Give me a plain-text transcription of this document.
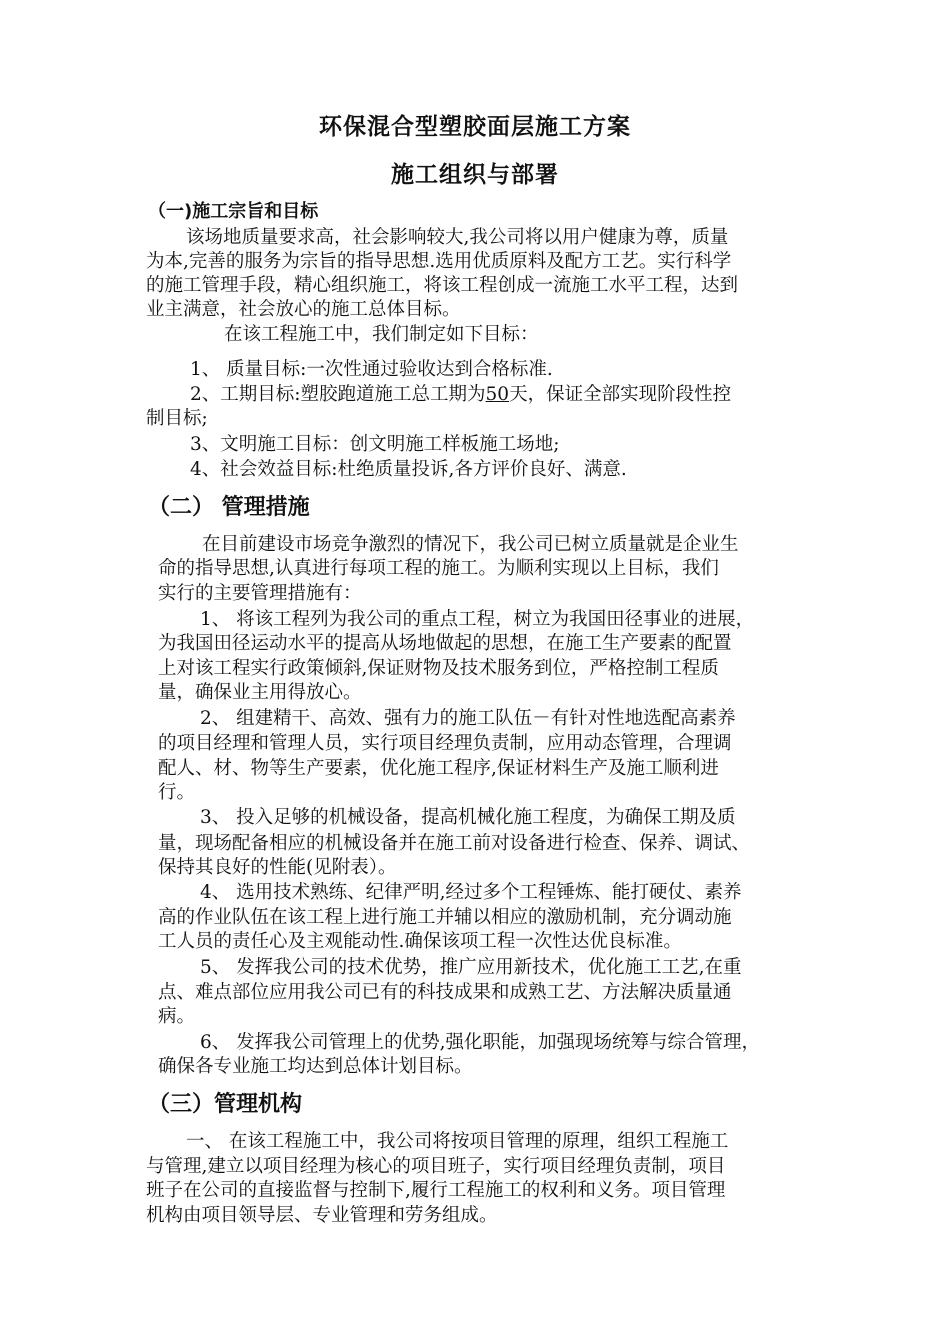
环保混合型塑胶面层施工方案
施工组织与部署
（一)施工宗旨和目标
该场地质量要求高，社会影响较大,我公司将以用户健康为尊，质量
为本,完善的服务为宗旨的指导思想.选用优质原料及配方工艺。实行科学
的施工管理手段，精心组织施工，将该工程创成一流施工水平工程，达到
业主满意，社会放心的施工总体目标。
在该工程施工中，我们制定如下目标：
1、 质量目标:一次性通过验收达到合格标准.
2、工期目标:塑胶跑道施工总工期为50天，保证全部实现阶段性控
制目标;
3、文明施工目标：创文明施工样板施工场地;
4、社会效益目标:杜绝质量投诉,各方评价良好、满意.
（二） 管理措施
在目前建设市场竞争激烈的情况下，我公司已树立质量就是企业生
命的指导思想,认真进行每项工程的施工。为顺利实现以上目标，我们
实行的主要管理措施有：
1、 将该工程列为我公司的重点工程，树立为我国田径事业的进展，
为我国田径运动水平的提高从场地做起的思想，在施工生产要素的配置
上对该工程实行政策倾斜,保证财物及技术服务到位，严格控制工程质
量，确保业主用得放心。
2、 组建精干、高效、强有力的施工队伍－有针对性地选配高素养
的项目经理和管理人员，实行项目经理负责制，应用动态管理，合理调
配人、材、物等生产要素，优化施工程序,保证材料生产及施工顺利进
行。
3、 投入足够的机械设备，提高机械化施工程度，为确保工期及质
量，现场配备相应的机械设备并在施工前对设备进行检查、保养、调试、
保持其良好的性能(见附表）。
4、 选用技术熟练、纪律严明,经过多个工程锤炼、能打硬仗、素养
高的作业队伍在该工程上进行施工并辅以相应的激励机制，充分调动施
工人员的责任心及主观能动性.确保该项工程一次性达优良标准。
5、 发挥我公司的技术优势，推广应用新技术，优化施工工艺,在重
点、难点部位应用我公司已有的科技成果和成熟工艺、方法解决质量通
病。
6、 发挥我公司管理上的优势,强化职能，加强现场统筹与综合管理，
确保各专业施工均达到总体计划目标。
（三）管理机构
一、 在该工程施工中，我公司将按项目管理的原理，组织工程施工
与管理,建立以项目经理为核心的项目班子，实行项目经理负责制，项目
班子在公司的直接监督与控制下,履行工程施工的权利和义务。项目管理
机构由项目领导层、专业管理和劳务组成。
